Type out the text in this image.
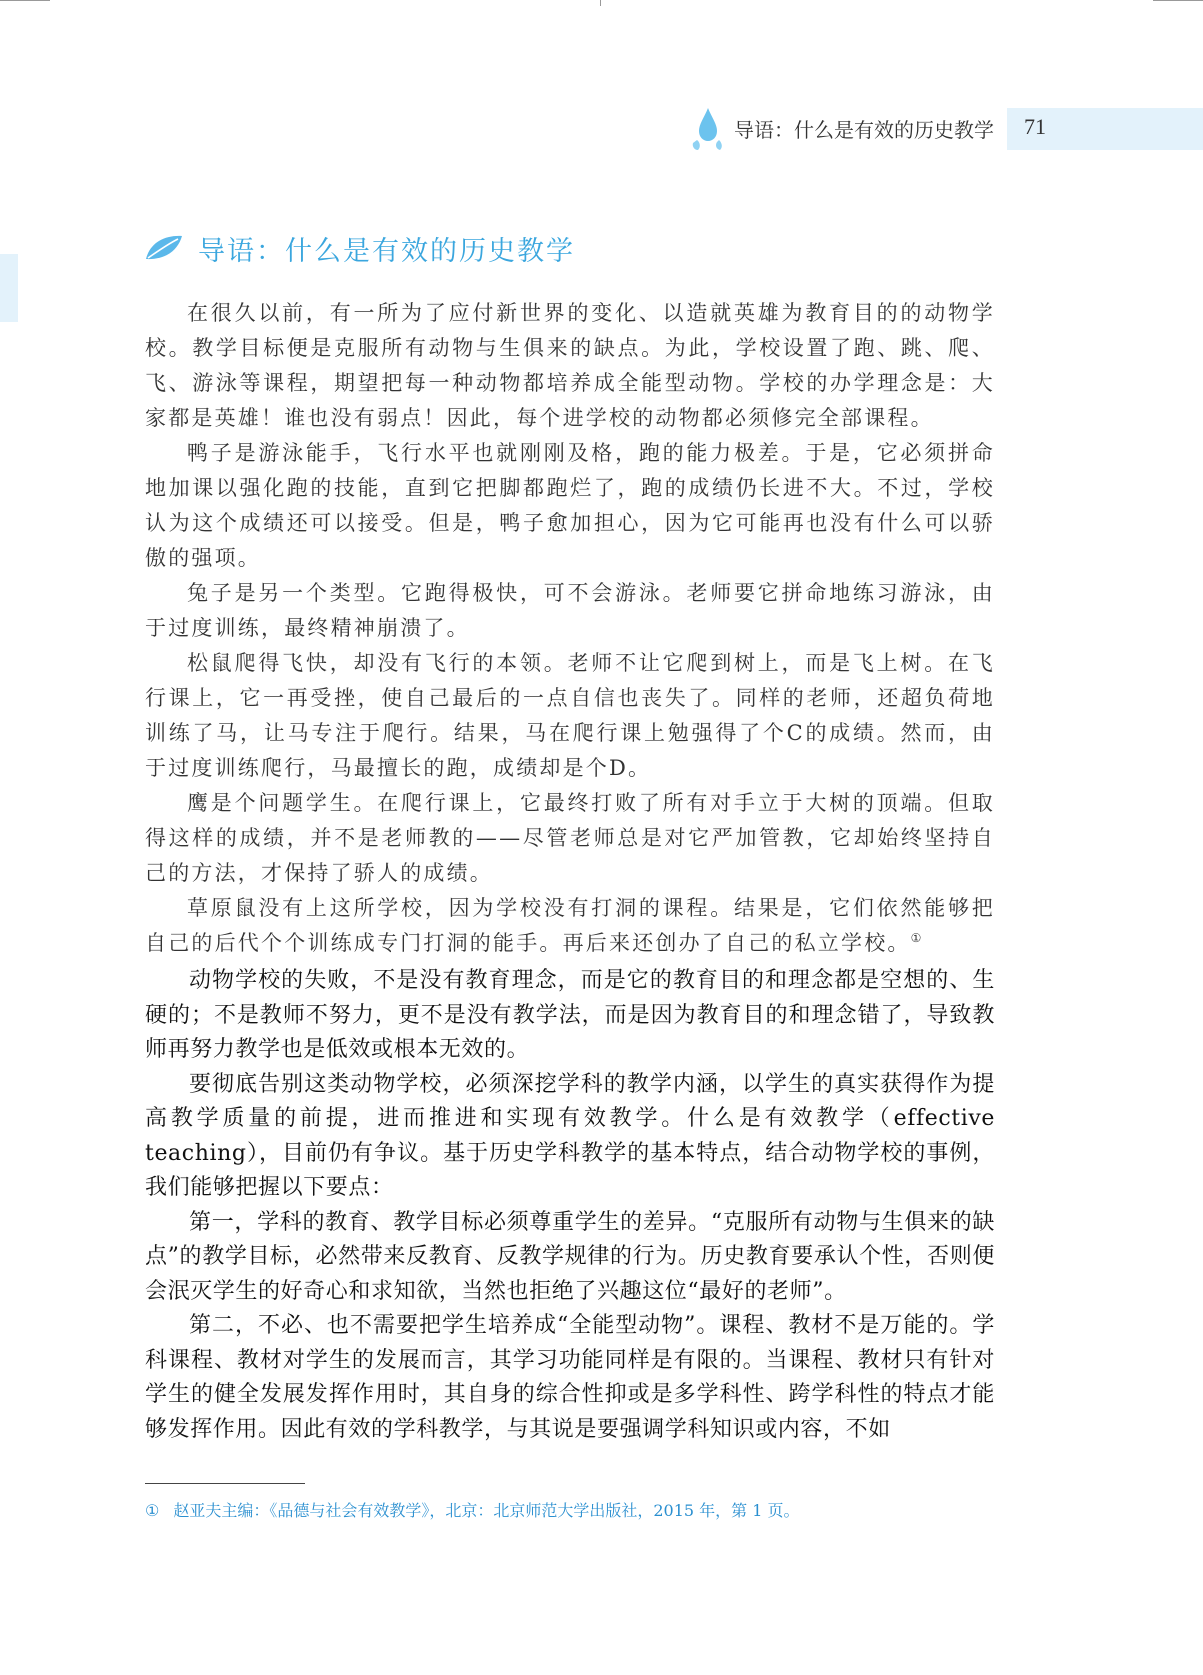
导语：什么是有效的历史教学 71
导语：什么是有效的历史教学

在很久以前，有一所为了应付新世界的变化、以造就英雄为教育目的的动物学校。教学目标便是克服所有动物与生俱来的缺点。为此，学校设置了跑、跳、爬、飞、游泳等课程，期望把每一种动物都培养成全能型动物。学校的办学理念是：大家都是英雄！谁也没有弱点！因此，每个进学校的动物都必须修完全部课程。

鸭子是游泳能手，飞行水平也就刚刚及格，跑的能力极差。于是，它必须拼命地加课以强化跑的技能，直到它把脚都跑烂了，跑的成绩仍长进不大。不过，学校认为这个成绩还可以接受。但是，鸭子愈加担心，因为它可能再也没有什么可以骄傲的强项。

兔子是另一个类型。它跑得极快，可不会游泳。老师要它拼命地练习游泳，由于过度训练，最终精神崩溃了。

松鼠爬得飞快，却没有飞行的本领。老师不让它爬到树上，而是飞上树。在飞行课上，它一再受挫，使自己最后的一点自信也丧失了。同样的老师，还超负荷地训练了马，让马专注于爬行。结果，马在爬行课上勉强得了个C的成绩。然而，由于过度训练爬行，马最擅长的跑，成绩却是个D。

鹰是个问题学生。在爬行课上，它最终打败了所有对手立于大树的顶端。但取得这样的成绩，并不是老师教的——尽管老师总是对它严加管教，它却始终坚持自己的方法，才保持了骄人的成绩。

草原鼠没有上这所学校，因为学校没有打洞的课程。结果是，它们依然能够把自己的后代个个训练成专门打洞的能手。再后来还创办了自己的私立学校。①

动物学校的失败，不是没有教育理念，而是它的教育目的和理念都是空想的、生硬的；不是教师不努力，更不是没有教学法，而是因为教育目的和理念错了，导致教师再努力教学也是低效或根本无效的。

要彻底告别这类动物学校，必须深挖学科的教学内涵，以学生的真实获得作为提高教学质量的前提，进而推进和实现有效教学。什么是有效教学（effective teaching），目前仍有争议。基于历史学科教学的基本特点，结合动物学校的事例，我们能够把握以下要点：

第一，学科的教育、教学目标必须尊重学生的差异。“克服所有动物与生俱来的缺点”的教学目标，必然带来反教育、反教学规律的行为。历史教育要承认个性，否则便会泯灭学生的好奇心和求知欲，当然也拒绝了兴趣这位“最好的老师”。

第二，不必、也不需要把学生培养成“全能型动物”。课程、教材不是万能的。学科课程、教材对学生的发展而言，其学习功能同样是有限的。当课程、教材只有针对学生的健全发展发挥作用时，其自身的综合性抑或是多学科性、跨学科性的特点才能够发挥作用。因此有效的学科教学，与其说是要强调学科知识或内容，不如

① 赵亚夫主编：《品德与社会有效教学》，北京：北京师范大学出版社，2015 年，第 1 页。
